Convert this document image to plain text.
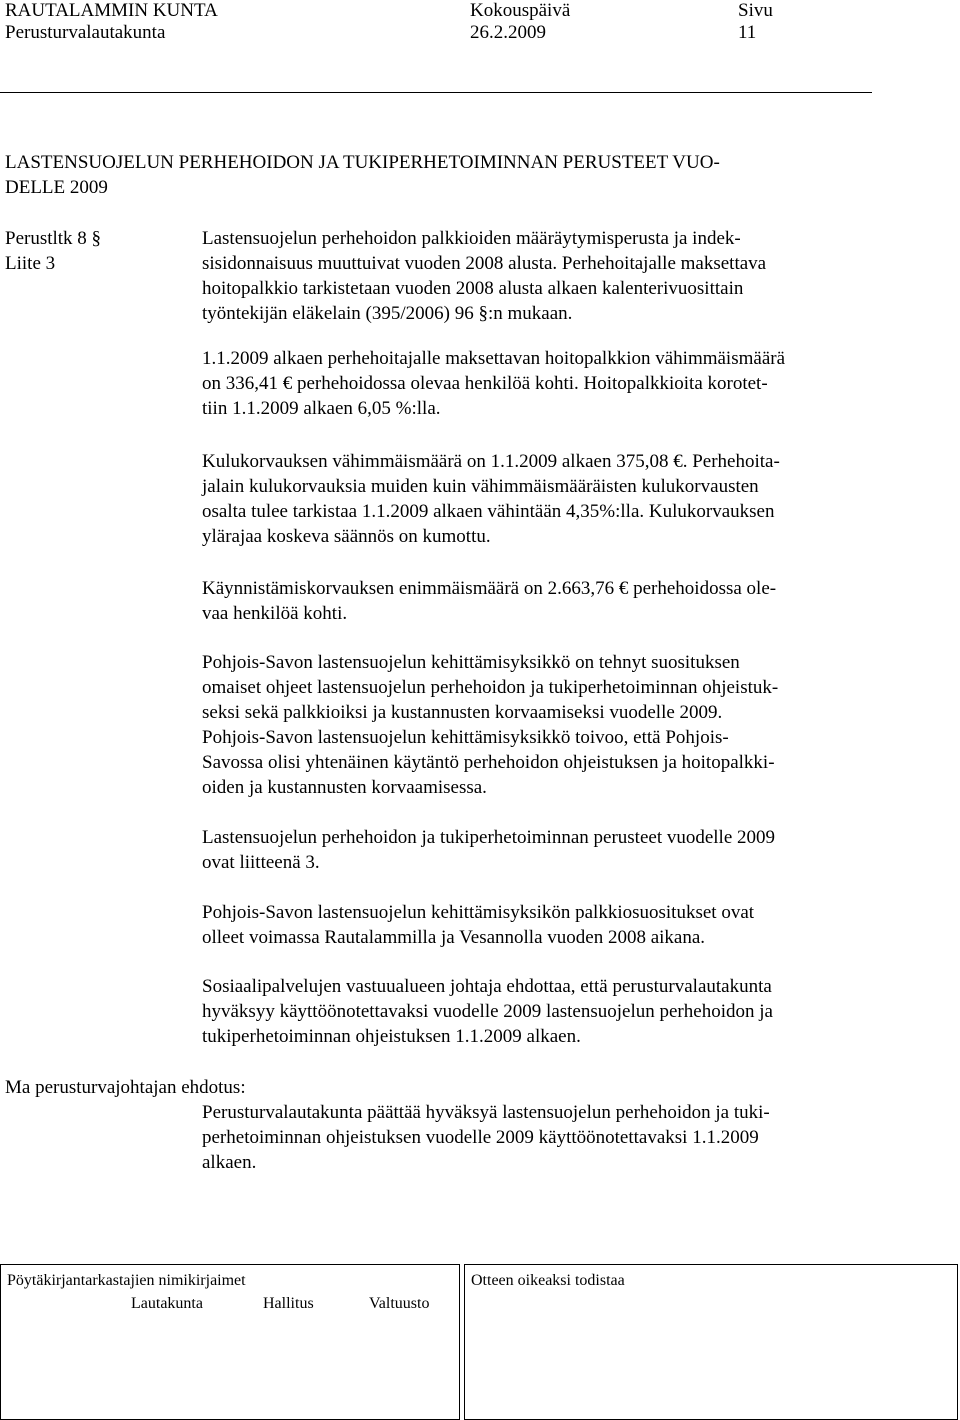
RAUTALAMMIN KUNTA
Perusturvalautakunta
Kokouspäivä
26.2.2009
Sivu
11
LASTENSUOJELUN PERHEHOIDON JA TUKIPERHETOIMINNAN PERUSTEET VUO-
DELLE 2009
Perustltk 8 §
Liite 3
Lastensuojelun perhehoidon palkkioiden määräytymisperusta ja indek-
sisidonnaisuus muuttuivat vuoden 2008 alusta. Perhehoitajalle maksettava
hoitopalkkio tarkistetaan vuoden 2008 alusta alkaen kalenterivuosittain
työntekijän eläkelain (395/2006) 96 §:n mukaan.
1.1.2009 alkaen perhehoitajalle maksettavan hoitopalkkion vähimmäismäärä
on 336,41 € perhehoidossa olevaa henkilöä kohti. Hoitopalkkioita korotet-
tiin 1.1.2009 alkaen 6,05 %:lla.
Kulukorvauksen vähimmäismäärä on 1.1.2009 alkaen 375,08 €. Perhehoita-
jalain kulukorvauksia muiden kuin vähimmäismääräisten kulukorvausten
osalta tulee tarkistaa 1.1.2009 alkaen vähintään 4,35%:lla. Kulukorvauksen
ylärajaa koskeva säännös on kumottu.
Käynnistämiskorvauksen enimmäismäärä on 2.663,76 € perhehoidossa ole-
vaa henkilöä kohti.
Pohjois-Savon lastensuojelun kehittämisyksikkö on tehnyt suosituksen
omaiset ohjeet lastensuojelun perhehoidon ja tukiperhetoiminnan ohjeistuk-
seksi sekä palkkioiksi ja kustannusten korvaamiseksi vuodelle 2009.
Pohjois-Savon lastensuojelun kehittämisyksikkö toivoo, että Pohjois-
Savossa olisi yhtenäinen käytäntö perhehoidon ohjeistuksen ja hoitopalkki-
oiden ja kustannusten korvaamisessa.
Lastensuojelun perhehoidon ja tukiperhetoiminnan perusteet vuodelle 2009
ovat liitteenä 3.
Pohjois-Savon lastensuojelun kehittämisyksikön palkkiosuositukset ovat
olleet voimassa Rautalammilla ja Vesannolla vuoden 2008 aikana.
Sosiaalipalvelujen vastuualueen johtaja ehdottaa, että perusturvalautakunta
hyväksyy käyttöönotettavaksi vuodelle 2009 lastensuojelun perhehoidon ja
tukiperhetoiminnan ohjeistuksen 1.1.2009 alkaen.
Ma perusturvajohtajan ehdotus:
Perusturvalautakunta päättää hyväksyä lastensuojelun perhehoidon ja tuki-
perhetoiminnan ohjeistuksen vuodelle 2009 käyttöönotettavaksi 1.1.2009
alkaen.
Pöytäkirjantarkastajien nimikirjaimet
Lautakunta	Hallitus	Valtuusto
Otteen oikeaksi todistaa
